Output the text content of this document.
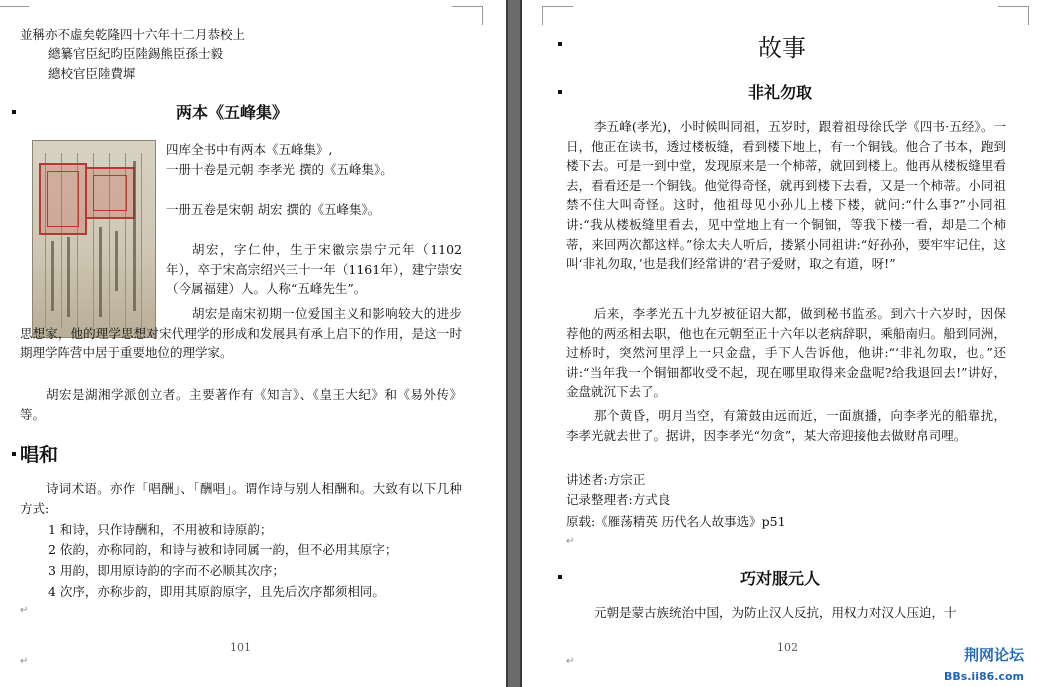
並稱亦不虛矣乾隆四十六年十二月恭校上
總纂官臣紀昀臣陸錫熊臣孫士毅
總校官臣陸費墀
两本《五峰集》
四库全书中有两本《五峰集》,
一册十卷是元朝 李孝光 撰的《五峰集》。
一册五卷是宋朝 胡宏 撰的《五峰集》。
胡宏，字仁仲，生于宋徽宗崇宁元年（1102年），卒于宋高宗绍兴三十一年（1161年），建宁崇安（今属福建）人。人称“五峰先生”。
胡宏是南宋初期一位爱国主义和影响较大的进步思想家，他的理学思想对宋代理学的形成和发展具有承上启下的作用，是这一时期理学阵营中居于重要地位的理学家。
胡宏是湖湘学派创立者。主要著作有《知言》、《皇王大纪》和《易外传》等。
唱和
诗词术语。亦作「唱酬」、「酬唱」。谓作诗与别人相酬和。大致有以下几种方式:
1 和诗，只作诗酬和，不用被和诗原韵；
2 依韵，亦称同韵，和诗与被和诗同属一韵，但不必用其原字；
3 用韵，即用原诗韵的字而不必顺其次序；
4 次序，亦称步韵，即用其原韵原字，且先后次序都须相同。
↵
101
↵
故事
非礼勿取
李五峰(孝光)，小时候叫同祖，五岁时，跟着祖母徐氏学《四书·五经》。一日，他正在读书，透过楼板缝，看到楼下地上，有一个铜钱。他合了书本，跑到楼下去。可是一到中堂，发现原来是一个柿蒂，就回到楼上。他再从楼板缝里看去，看看还是一个铜钱。他觉得奇怪，就再到楼下去看，又是一个柿蒂。小同祖禁不住大叫奇怪。这时，他祖母见小孙儿上楼下楼，就问:“什么事?”小同祖讲:“我从楼板缝里看去，见中堂地上有一个铜钿，等我下楼一看，却是二个柿蒂，来回两次都这样。”徐太夫人听后，搂紧小同祖讲:“好孙孙，要牢牢记住，这叫‘非礼勿取，’也是我们经常讲的‘君子爱财，取之有道，呀!”
后来，李孝光五十九岁被征诏大都，做到秘书监丞。到六十六岁时，因保荐他的两丞相去职，他也在元朝至正十六年以老病辞职，乘船南归。船到同洲，过桥时，突然河里浮上一只金盘，手下人告诉他，他讲:“‘非礼勿取，也。”还讲:“当年我一个铜钿都收受不起，现在哪里取得来金盘呢?给我退回去!”讲好，金盘就沉下去了。
那个黄昏，明月当空，有箫鼓由远而近，一面旗播，向李孝光的船靠扰，李孝光就去世了。据讲，因李孝光“勿贪”，某大帝迎接他去做财帛司哩。
讲述者:方宗正
记录整理者:方式良
原载:《雁荡精英 历代名人故事选》p51
↵
巧对服元人
元朝是蒙古族统治中国，为防止汉人反抗，用权力对汉人压迫，十
102
↵	荆网论坛
BBs.ii86.com
